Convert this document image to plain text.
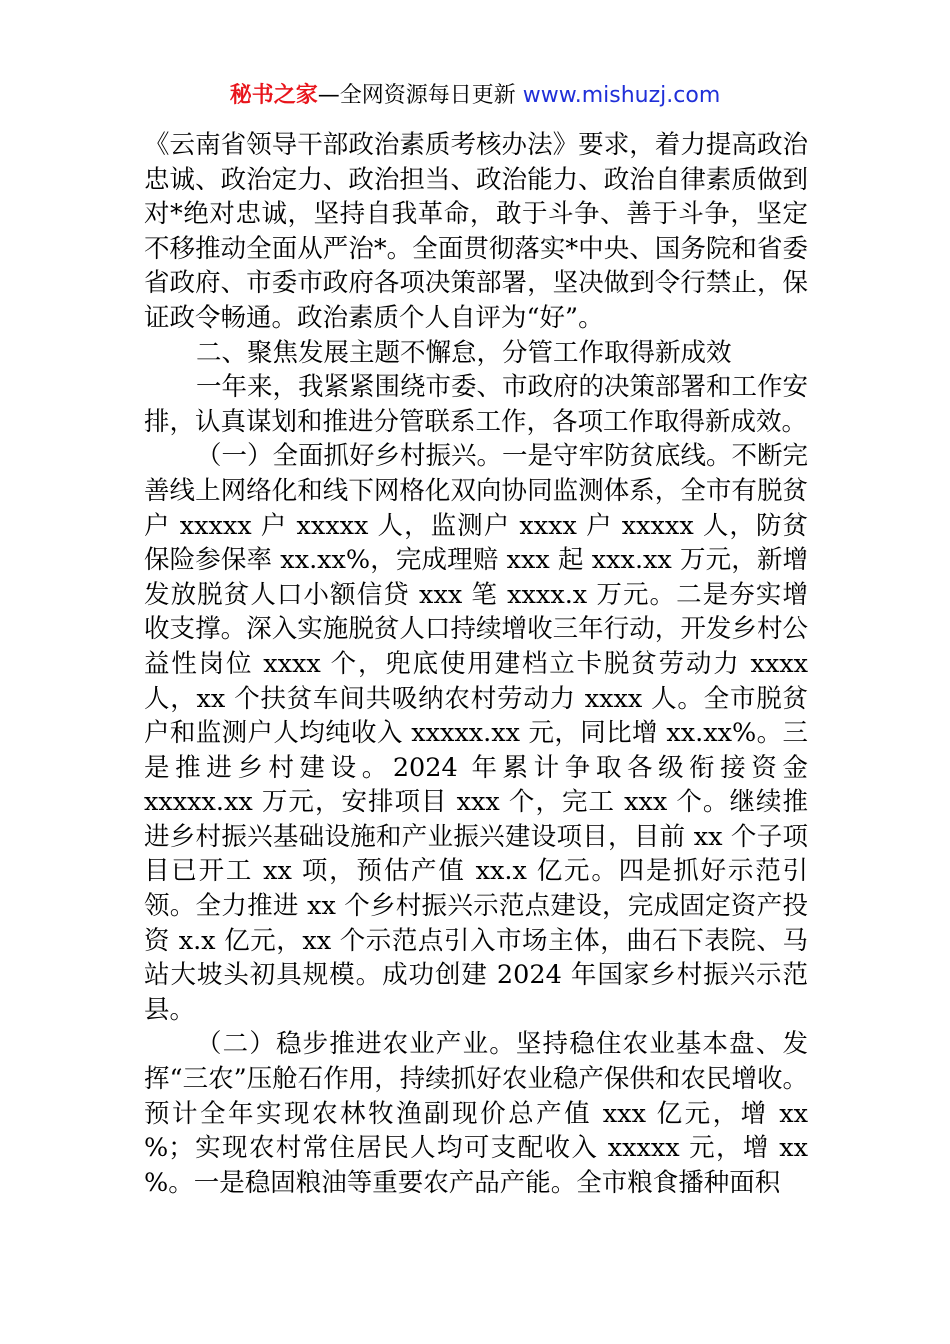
秘书之家—全网资源每日更新 www.mishuzj.com

《云南省领导干部政治素质考核办法》要求，着力提高政治忠诚、政治定力、政治担当、政治能力、政治自律素质做到对*绝对忠诚，坚持自我革命，敢于斗争、善于斗争，坚定不移推动全面从严治*。全面贯彻落实*中央、国务院和省委省政府、市委市政府各项决策部署，坚决做到令行禁止，保证政令畅通。政治素质个人自评为“好”。

二、聚焦发展主题不懈怠，分管工作取得新成效

一年来，我紧紧围绕市委、市政府的决策部署和工作安排，认真谋划和推进分管联系工作，各项工作取得新成效。

（一）全面抓好乡村振兴。一是守牢防贫底线。不断完善线上网络化和线下网格化双向协同监测体系，全市有脱贫户 xxxxx 户 xxxxx 人，监测户 xxxx 户 xxxxx 人，防贫保险参保率 xx.xx%，完成理赔 xxx 起 xxx.xx 万元，新增发放脱贫人口小额信贷 xxx 笔 xxxx.x 万元。二是夯实增收支撑。深入实施脱贫人口持续增收三年行动，开发乡村公益性岗位 xxxx 个，兜底使用建档立卡脱贫劳动力 xxxx 人，xx 个扶贫车间共吸纳农村劳动力 xxxx 人。全市脱贫户和监测户人均纯收入 xxxxx.xx 元，同比增 xx.xx%。三是推进乡村建设。2024 年累计争取各级衔接资金 xxxxx.xx 万元，安排项目 xxx 个，完工 xxx 个。继续推进乡村振兴基础设施和产业振兴建设项目，目前 xx 个子项目已开工 xx 项，预估产值 xx.x 亿元。四是抓好示范引领。全力推进 xx 个乡村振兴示范点建设，完成固定资产投资 x.x 亿元，xx 个示范点引入市场主体，曲石下表院、马站大坡头初具规模。成功创建 2024 年国家乡村振兴示范县。

（二）稳步推进农业产业。坚持稳住农业基本盘、发挥“三农”压舱石作用，持续抓好农业稳产保供和农民增收。预计全年实现农林牧渔副现价总产值 xxx 亿元，增 xx %；实现农村常住居民人均可支配收入 xxxxx 元，增 xx %。一是稳固粮油等重要农产品产能。全市粮食播种面积
